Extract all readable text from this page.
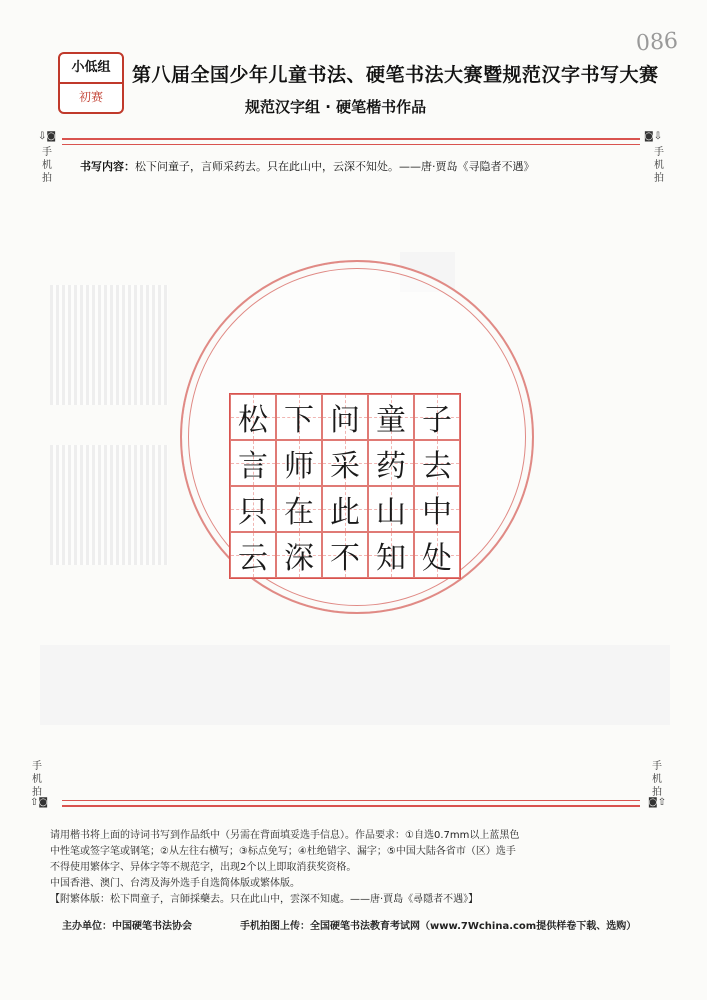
086
小低组
初赛
第八届全国少年儿童书法、硬笔书法大赛暨规范汉字书写大赛
规范汉字组 · 硬笔楷书作品
⇩◙
手机拍
◙⇩
手机拍
书写内容：松下问童子，言师采药去。只在此山中，云深不知处。——唐·贾岛《寻隐者不遇》
松 下 问 童 子
言 师 采 药 去
只 在 此 山 中
云 深 不 知 处
手机拍
⇧◙
手机拍
◙⇧
请用楷书将上面的诗词书写到作品纸中（另需在背面填妥选手信息）。作品要求：①自选0.7mm以上蓝黑色
中性笔或签字笔或钢笔；②从左往右横写；③标点免写；④杜绝错字、漏字；⑤中国大陆各省市（区）选手
不得使用繁体字、异体字等不规范字，出现2个以上即取消获奖资格。
中国香港、澳门、台湾及海外选手自选简体版或繁体版。
【附繁体版：松下問童子，言師採藥去。只在此山中，雲深不知處。——唐·賈島《尋隱者不遇》】
主办单位：中国硬笔书法协会	手机拍图上传：全国硬笔书法教育考试网（www.7Wchina.com提供样卷下载、选购）
